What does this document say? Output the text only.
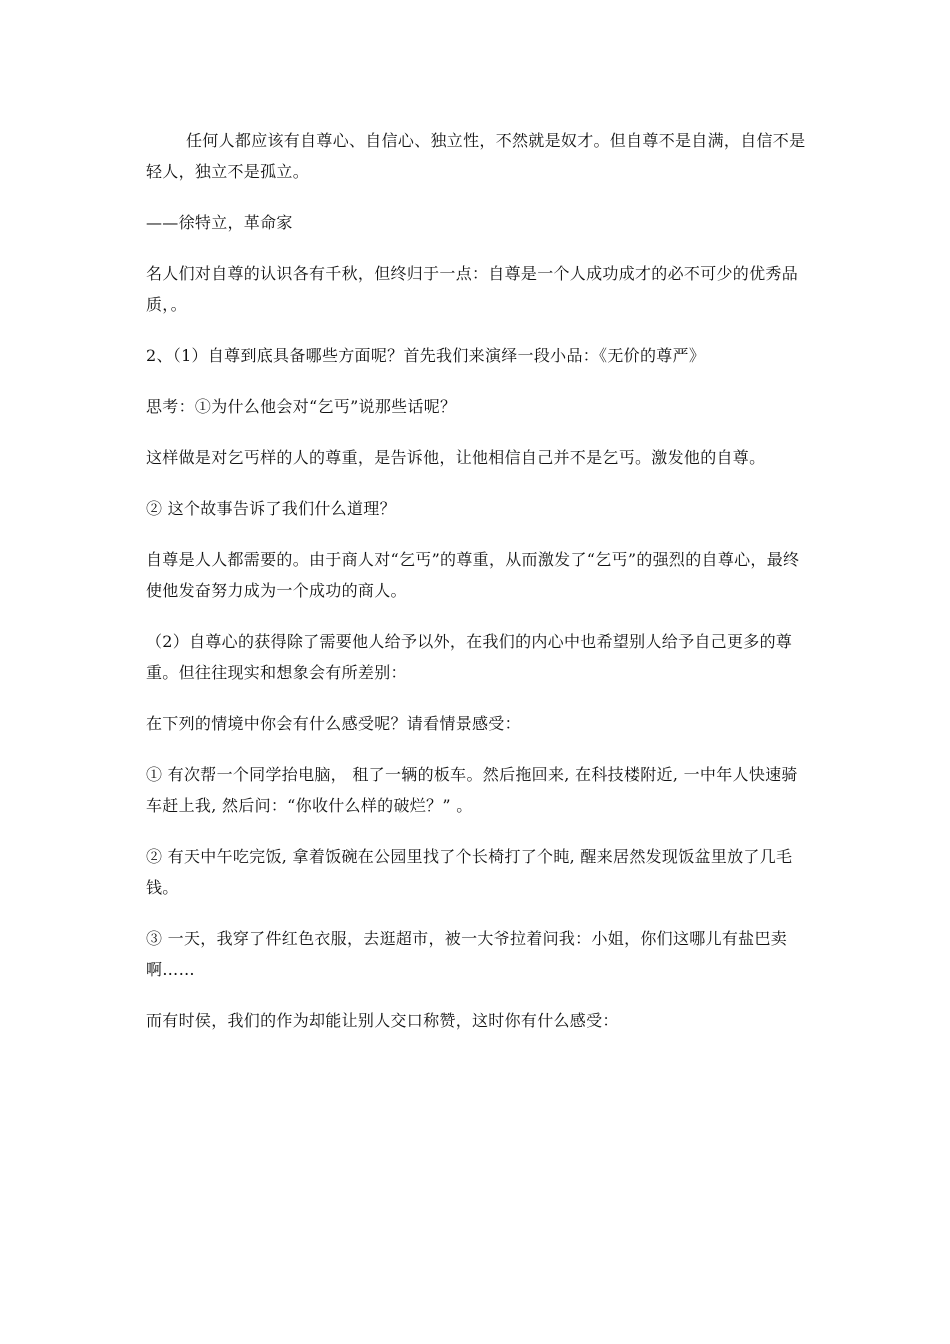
任何人都应该有自尊心、自信心、独立性，不然就是奴才。但自尊不是自满，自信不是轻人，独立不是孤立。

——徐特立，革命家

名人们对自尊的认识各有千秋，但终归于一点：自尊是一个人成功成才的必不可少的优秀品质，。

2、（1）自尊到底具备哪些方面呢？首先我们来演绎一段小品：《无价的尊严》

思考：①为什么他会对“乞丐”说那些话呢？

这样做是对乞丐样的人的尊重，是告诉他，让他相信自己并不是乞丐。激发他的自尊。

② 这个故事告诉了我们什么道理？

自尊是人人都需要的。由于商人对“乞丐”的尊重，从而激发了“乞丐”的强烈的自尊心，最终使他发奋努力成为一个成功的商人。

（2）自尊心的获得除了需要他人给予以外，在我们的内心中也希望别人给予自己更多的尊重。但往往现实和想象会有所差别：

在下列的情境中你会有什么感受呢？请看情景感受：

① 有次帮一个同学抬电脑， 租了一辆的板车。然后拖回来, 在科技楼附近, 一中年人快速骑车赶上我, 然后问：“你收什么样的破烂？” 。

② 有天中午吃完饭, 拿着饭碗在公园里找了个长椅打了个盹, 醒来居然发现饭盆里放了几毛钱。

③ 一天，我穿了件红色衣服，去逛超市，被一大爷拉着问我：小姐，你们这哪儿有盐巴卖啊……

而有时侯，我们的作为却能让别人交口称赞，这时你有什么感受：
